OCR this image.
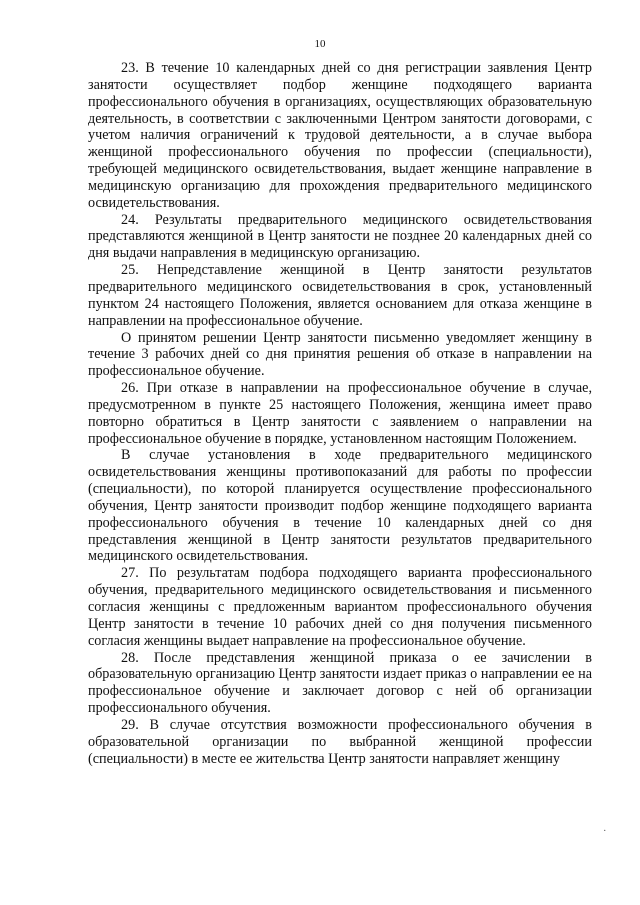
10

23. В течение 10 календарных дней со дня регистрации заявления Центр занятости осуществляет подбор женщине подходящего варианта профессионального обучения в организациях, осуществляющих образовательную деятельность, в соответствии с заключенными Центром занятости договорами, с учетом наличия ограничений к трудовой деятельности, а в случае выбора женщиной профессионального обучения по профессии (специальности), требующей медицинского освидетельствования, выдает женщине направление в медицинскую организацию для прохождения предварительного медицинского освидетельствования.

24. Результаты предварительного медицинского освидетельствования представляются женщиной в Центр занятости не позднее 20 календарных дней со дня выдачи направления в медицинскую организацию.

25. Непредставление женщиной в Центр занятости результатов предварительного медицинского освидетельствования в срок, установленный пунктом 24 настоящего Положения, является основанием для отказа женщине в направлении на профессиональное обучение.

О принятом решении Центр занятости письменно уведомляет женщину в течение 3 рабочих дней со дня принятия решения об отказе в направлении на профессиональное обучение.

26. При отказе в направлении на профессиональное обучение в случае, предусмотренном в пункте 25 настоящего Положения, женщина имеет право повторно обратиться в Центр занятости с заявлением о направлении на профессиональное обучение в порядке, установленном настоящим Положением.

В случае установления в ходе предварительного медицинского освидетельствования женщины противопоказаний для работы по профессии (специальности), по которой планируется осуществление профессионального обучения, Центр занятости производит подбор женщине подходящего варианта профессионального обучения в течение 10 календарных дней со дня представления женщиной в Центр занятости результатов предварительного медицинского освидетельствования.

27. По результатам подбора подходящего варианта профессионального обучения, предварительного медицинского освидетельствования и письменного согласия женщины с предложенным вариантом профессионального обучения Центр занятости в течение 10 рабочих дней со дня получения письменного согласия женщины выдает направление на профессиональное обучение.

28. После представления женщиной приказа о ее зачислении в образовательную организацию Центр занятости издает приказ о направлении ее на профессиональное обучение и заключает договор с ней об организации профессионального обучения.

29. В случае отсутствия возможности профессионального обучения в образовательной организации по выбранной женщиной профессии (специальности) в месте ее жительства Центр занятости направляет женщину

.
